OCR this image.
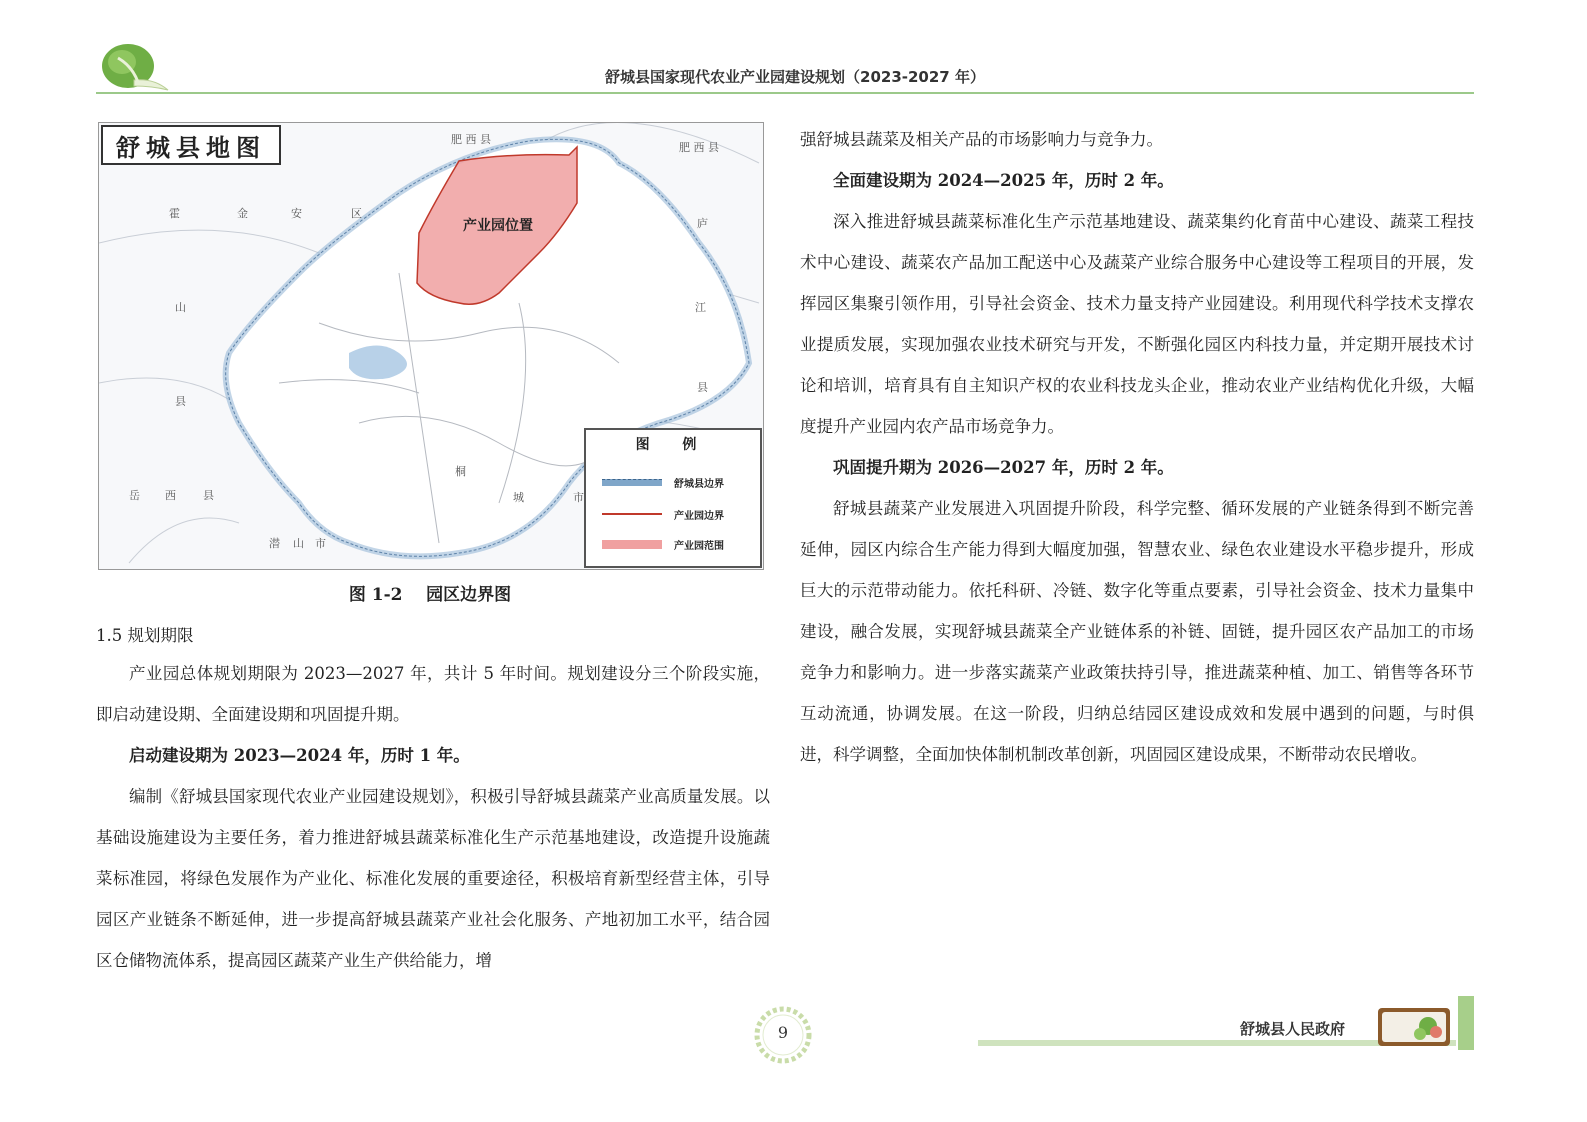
舒城县国家现代农业产业园建设规划（2023-2027 年）
舒城县地图
产业园位置
肥 西 县
肥 西 县
霍	金	安	区
庐
江
山
县
岳 西 县
潜 山 市
桐
城	市
县
图 例
舒城县边界
产业园边界
产业园范围
图 1-2    园区边界图
1.5 规划期限
产业园总体规划期限为 2023—2027 年，共计 5 年时间。规划建设分三个阶段实施，即启动建设期、全面建设期和巩固提升期。
启动建设期为 2023—2024 年，历时 1 年。
编制《舒城县国家现代农业产业园建设规划》，积极引导舒城县蔬菜产业高质量发展。以基础设施建设为主要任务，着力推进舒城县蔬菜标准化生产示范基地建设，改造提升设施蔬菜标准园，将绿色发展作为产业化、标准化发展的重要途径，积极培育新型经营主体，引导园区产业链条不断延伸，进一步提高舒城县蔬菜产业社会化服务、产地初加工水平，结合园区仓储物流体系，提高园区蔬菜产业生产供给能力，增
强舒城县蔬菜及相关产品的市场影响力与竞争力。
全面建设期为 2024—2025 年，历时 2 年。
深入推进舒城县蔬菜标准化生产示范基地建设、蔬菜集约化育苗中心建设、蔬菜工程技术中心建设、蔬菜农产品加工配送中心及蔬菜产业综合服务中心建设等工程项目的开展，发挥园区集聚引领作用，引导社会资金、技术力量支持产业园建设。利用现代科学技术支撑农业提质发展，实现加强农业技术研究与开发，不断强化园区内科技力量，并定期开展技术讨论和培训，培育具有自主知识产权的农业科技龙头企业，推动农业产业结构优化升级，大幅度提升产业园内农产品市场竞争力。
巩固提升期为 2026—2027 年，历时 2 年。
舒城县蔬菜产业发展进入巩固提升阶段，科学完整、循环发展的产业链条得到不断完善延伸，园区内综合生产能力得到大幅度加强，智慧农业、绿色农业建设水平稳步提升，形成巨大的示范带动能力。依托科研、冷链、数字化等重点要素，引导社会资金、技术力量集中建设，融合发展，实现舒城县蔬菜全产业链体系的补链、固链，提升园区农产品加工的市场竞争力和影响力。进一步落实蔬菜产业政策扶持引导，推进蔬菜种植、加工、销售等各环节互动流通，协调发展。在这一阶段，归纳总结园区建设成效和发展中遇到的问题，与时俱进，科学调整，全面加快体制机制改革创新，巩固园区建设成果，不断带动农民增收。
9	舒城县人民政府
